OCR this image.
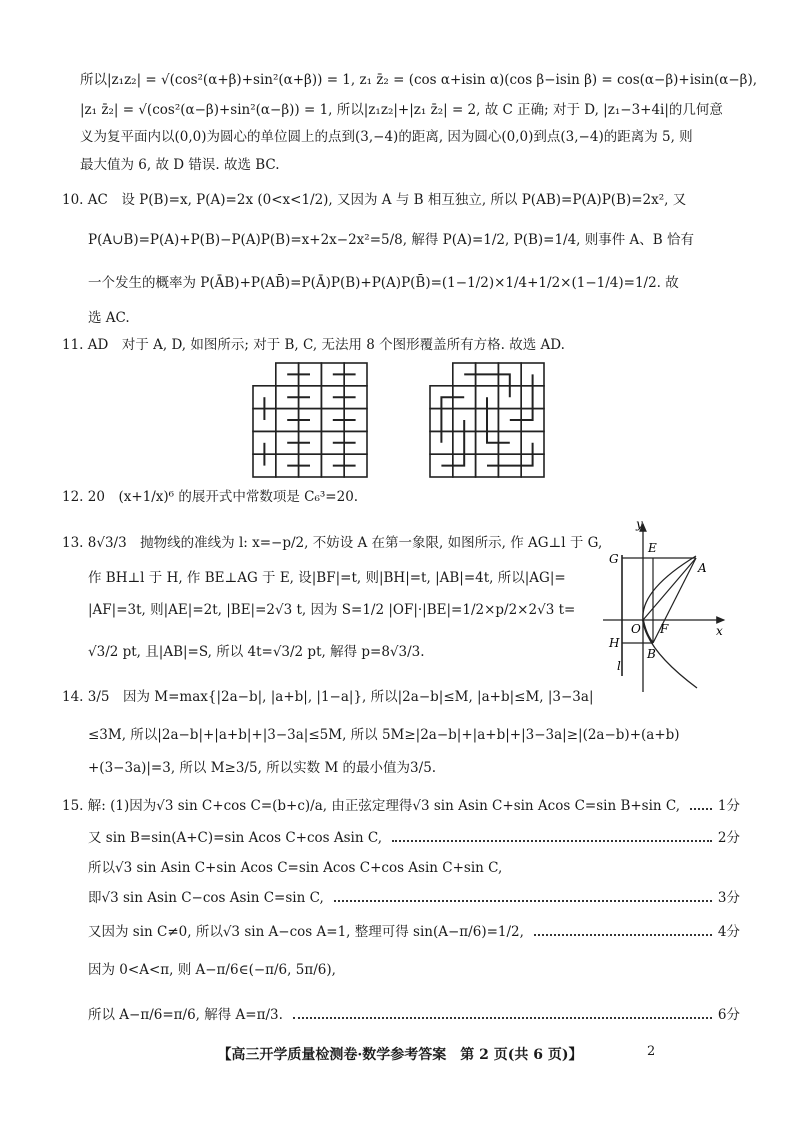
所以|z₁z₂| = √(cos²(α+β)+sin²(α+β)) = 1, z₁ z̄₂ = (cos α+isin α)(cos β−isin β) = cos(α−β)+isin(α−β),
|z₁ z̄₂| = √(cos²(α−β)+sin²(α−β)) = 1, 所以|z₁z₂|+|z₁ z̄₂| = 2, 故 C 正确; 对于 D, |z₁−3+4i|的几何意
义为复平面内以(0,0)为圆心的单位圆上的点到(3,−4)的距离, 因为圆心(0,0)到点(3,−4)的距离为 5, 则
最大值为 6, 故 D 错误. 故选 BC.
10. AC　设 P(B)=x, P(A)=2x (0<x<1/2), 又因为 A 与 B 相互独立, 所以 P(AB)=P(A)P(B)=2x², 又
P(A∪B)=P(A)+P(B)−P(A)P(B)=x+2x−2x²=5/8, 解得 P(A)=1/2, P(B)=1/4, 则事件 A、B 恰有
一个发生的概率为 P(ĀB)+P(AB̄)=P(Ā)P(B)+P(A)P(B̄)=(1−1/2)×1/4+1/2×(1−1/4)=1/2. 故
选 AC.
11. AD　对于 A, D, 如图所示; 对于 B, C, 无法用 8 个图形覆盖所有方格. 故选 AD.
12. 20　(x+1/x)⁶ 的展开式中常数项是 C₆³=20.
13. 8√3/3　抛物线的准线为 l: x=−p/2, 不妨设 A 在第一象限, 如图所示, 作 AG⊥l 于 G,
作 BH⊥l 于 H, 作 BE⊥AG 于 E, 设|BF|=t, 则|BH|=t, |AB|=4t, 所以|AG|=
|AF|=3t, 则|AE|=2t, |BE|=2√3 t, 因为 S=1/2 |OF|·|BE|=1/2×p/2×2√3 t=
√3/2 pt, 且|AB|=S, 所以 4t=√3/2 pt, 解得 p=8√3/3.
y
x
G
E
A
O F
H
B
l
14. 3/5　因为 M=max{|2a−b|, |a+b|, |1−a|}, 所以|2a−b|≤M, |a+b|≤M, |3−3a|
≤3M, 所以|2a−b|+|a+b|+|3−3a|≤5M, 所以 5M≥|2a−b|+|a+b|+|3−3a|≥|(2a−b)+(a+b)
+(3−3a)|=3, 所以 M≥3/5, 所以实数 M 的最小值为3/5.
15. 解: (1)因为√3 sin C+cos C=(b+c)/a, 由正弦定理得√3 sin Asin C+sin Acos C=sin B+sin C,	1分
又 sin B=sin(A+C)=sin Acos C+cos Asin C,	2分
所以√3 sin Asin C+sin Acos C=sin Acos C+cos Asin C+sin C,
即√3 sin Asin C−cos Asin C=sin C,	3分
又因为 sin C≠0, 所以√3 sin A−cos A=1, 整理可得 sin(A−π/6)=1/2,	4分
因为 0<A<π, 则 A−π/6∈(−π/6, 5π/6),
所以 A−π/6=π/6, 解得 A=π/3.	6分
【高三开学质量检测卷·数学参考答案　第 2 页(共 6 页)】	2
